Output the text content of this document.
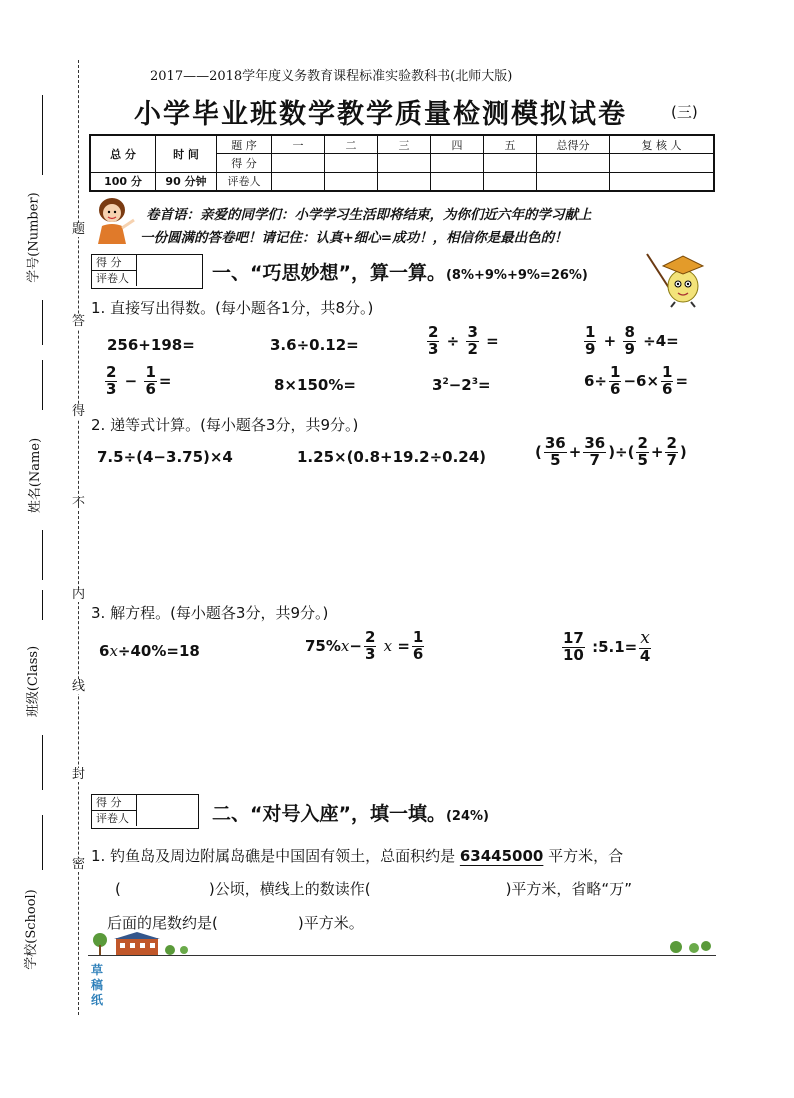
学号(Number)
姓名(Name)
班级(Class)
学校(School)
题
答
得
不
内
线
封
密
2017——2018学年度义务教育课程标准实验教科书(北师大版)
小学毕业班数学教学质量检测模拟试卷	(三)
总 分	时 间	题 序	一	二	三	四	五	总得分	复 核 人
		得 分							
100 分	90 分钟	评卷人							
卷首语：亲爱的同学们：小学学习生活即将结束，为你们近六年的学习献上
一份圆满的答卷吧！请记住：认真+细心=成功！，相信你是最出色的！
得 分
评卷人	一、“巧思妙想”，算一算。(8%+9%+9%=26%)
1. 直接写出得数。(每小题各1分，共8分。)
256+198=	3.6÷0.12=	$\frac{2}{3} \div \frac{3}{2}$ =	$\frac{1}{9} + \frac{8}{9} \div 4=$
$\frac{2}{3} - \frac{1}{6}$ =	8×150%=	$3^2-2^3=$	$6\div \frac{1}{6} -6\times \frac{1}{6}$ =
2. 递等式计算。(每小题各3分，共9分。)
7.5÷(4−3.75)×4	1.25×(0.8+19.2÷0.24)	( $\frac{36}{5} + \frac{36}{7}$ )÷( $\frac{2}{5} + \frac{2}{7}$ )
3. 解方程。(每小题各3分，共9分。)
6x÷40%=18	$75\%x- \frac{2}{3}$ $x = \frac{1}{6}$	$\frac{17}{10}$ :5.1= $\frac{x}{4}$
得 分
评卷人	二、“对号入座”，填一填。(24%)
1. 钓鱼岛及周边附属岛礁是中国固有领土，总面积约是 63445000 平方米，合
(	)公顷，横线上的数读作(	)平方米，省略“万”
后面的尾数约是(	)平方米。
草
稿
纸
